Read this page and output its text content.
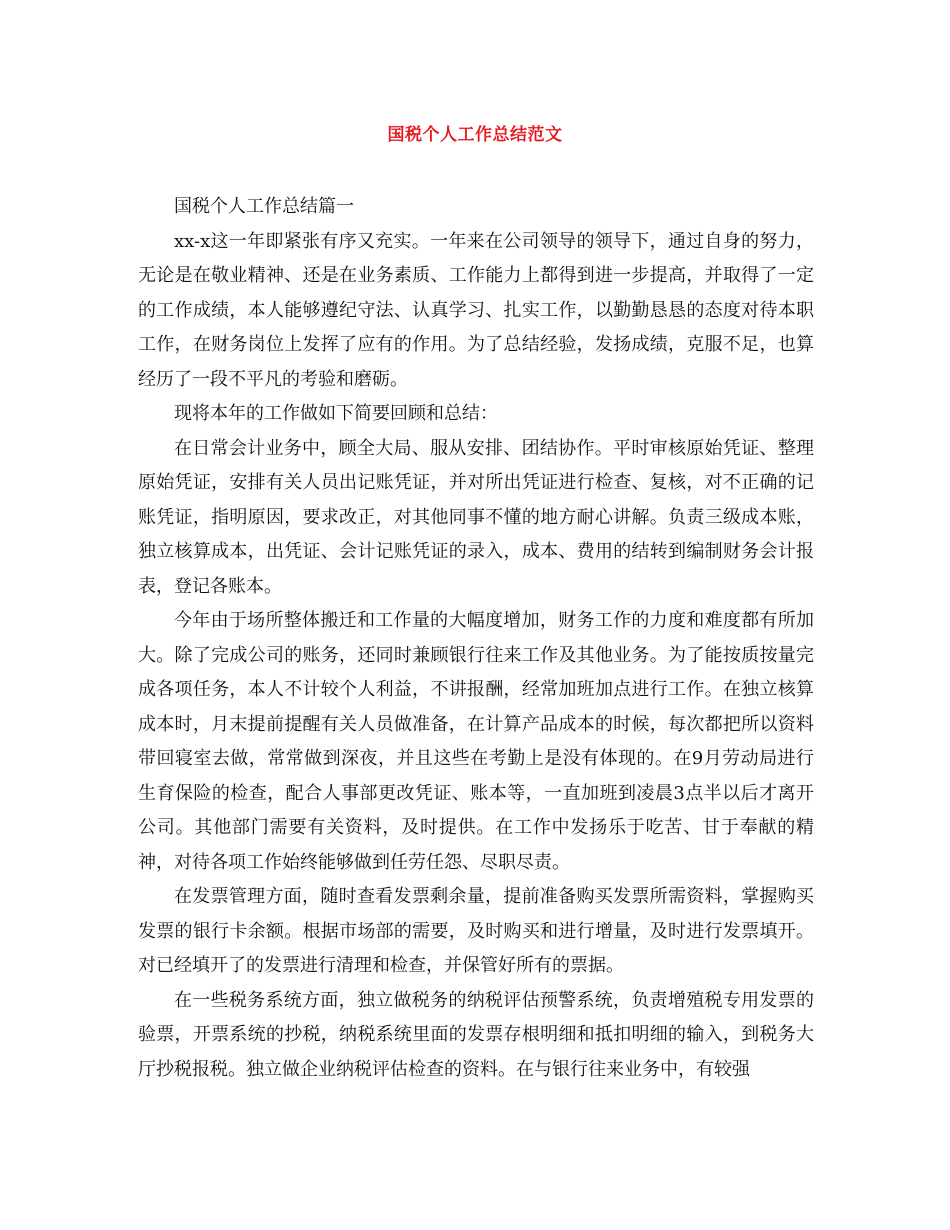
国税个人工作总结范文

国税个人工作总结篇一

xx-x这一年即紧张有序又充实。一年来在公司领导的领导下，通过自身的努力，无论是在敬业精神、还是在业务素质、工作能力上都得到进一步提高，并取得了一定的工作成绩，本人能够遵纪守法、认真学习、扎实工作，以勤勤恳恳的态度对待本职工作，在财务岗位上发挥了应有的作用。为了总结经验，发扬成绩，克服不足，也算经历了一段不平凡的考验和磨砺。

现将本年的工作做如下简要回顾和总结：

在日常会计业务中，顾全大局、服从安排、团结协作。平时审核原始凭证、整理原始凭证，安排有关人员出记账凭证，并对所出凭证进行检查、复核，对不正确的记账凭证，指明原因，要求改正，对其他同事不懂的地方耐心讲解。负责三级成本账，独立核算成本，出凭证、会计记账凭证的录入，成本、费用的结转到编制财务会计报表，登记各账本。

今年由于场所整体搬迁和工作量的大幅度增加，财务工作的力度和难度都有所加大。除了完成公司的账务，还同时兼顾银行往来工作及其他业务。为了能按质按量完成各项任务，本人不计较个人利益，不讲报酬，经常加班加点进行工作。在独立核算成本时，月末提前提醒有关人员做准备，在计算产品成本的时候，每次都把所以资料带回寝室去做，常常做到深夜，并且这些在考勤上是没有体现的。在9月劳动局进行生育保险的检查，配合人事部更改凭证、账本等，一直加班到凌晨3点半以后才离开公司。其他部门需要有关资料，及时提供。在工作中发扬乐于吃苦、甘于奉献的精神，对待各项工作始终能够做到任劳任怨、尽职尽责。

在发票管理方面，随时查看发票剩余量，提前准备购买发票所需资料，掌握购买发票的银行卡余额。根据市场部的需要，及时购买和进行增量，及时进行发票填开。对已经填开了的发票进行清理和检查，并保管好所有的票据。

在一些税务系统方面，独立做税务的纳税评估预警系统，负责增殖税专用发票的验票，开票系统的抄税，纳税系统里面的发票存根明细和抵扣明细的输入，到税务大厅抄税报税。独立做企业纳税评估检查的资料。在与银行往来业务中，有较强
